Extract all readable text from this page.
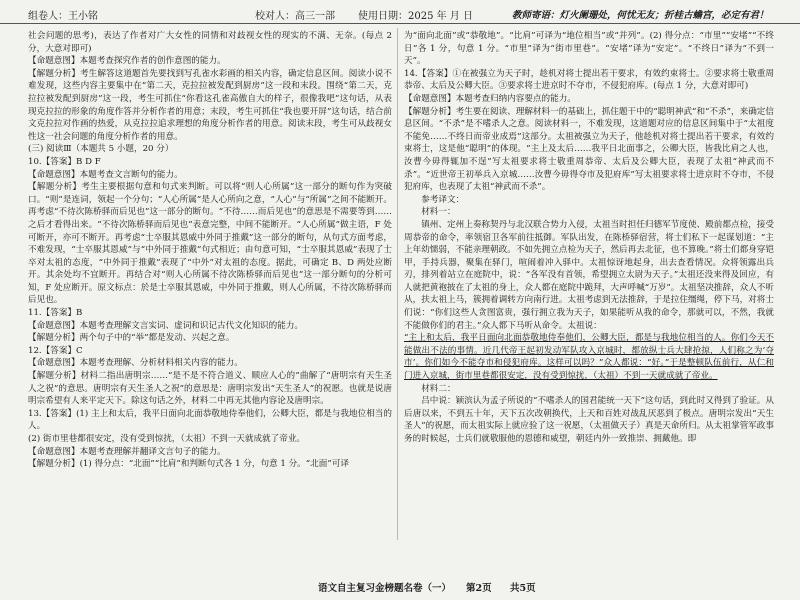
组卷人：王小铭	校对人：高三一部 使用日期：2025 年 月 日	教师寄语：灯火阑珊处，何忧无友；折桂古蟾宫，必定有君！

社会问题的思考)，表达了作者对广大女性的同情和对歧视女性的现实的不满、无奈。(每点 2 分，大意对即可)

【命题意图】本题考查探究作者的创作意图的能力。

【解题分析】考生解答这道题首先要找到写孔雀水彩画的相关内容，确定信息区间。阅读小说不难发现，这些内容主要集中在“第二天，克拉拉被发配到厨房”这一段和末段。围绕“第二天，克拉拉被发配到厨房”这一段，考生可抓住“你看这孔雀高傲自大的样子，很像我吧”这句话，从表现克拉拉的形象的角度作答并分析作者的用意；末段，考生可抓住“我也要开屏”这句话，结合前文克拉拉对作画的热爱，从克拉拉追求理想的角度分析作者的用意。阅读末段，考生可从歧视女性这一社会问题的角度分析作者的用意。

(三) 阅读Ⅲ（本题共 5 小题，20 分）

10.【答案】B D F

【命题意图】本题考查文言断句的能力。

【解题分析】考生主要根据句意和句式来判断。可以将“则人心所属”这一部分的断句作为突破口。“则”是连词，领起一个分句；“人心所属”是人心所向之意，“人心”与“所属”之间不能断开。再考虑“不待次陈桥驿而后见也”这一部分的断句。“不待……而后见也”的意思是不需要等到……之后才看得出来。“不待次陈桥驿而后见也”表意完整，中间不能断开。“人心所属”做主语，F 处可断开，亦可不断开。再考虑“士卒服其恩威中外同于推戴”这一部分的断句，从句式方面考虑，不难发现，“士卒服其恩威”与“中外同于推戴”句式相近；由句意可知，“士卒服其恩威”表现了士卒对太祖的态度，“中外同于推戴”表现了“中外”对太祖的态度。据此，可确定 B、D 两处应断开。其余处均不宜断开。再结合对“则人心所属不待次陈桥驿而后见也”这一部分断句的分析可知，F 处应断开。原文标点：於是士卒服其恩威，中外同于推戴，则人心所属，不待次陈桥驿而后见也。

11.【答案】B

【命题意图】本题考查理解文言实词、虚词和识记古代文化知识的能力。

【解题分析】两个句子中的“举”都是发动、兴起之意。

12.【答案】C

【命题意图】本题考查理解、分析材料相关内容的能力。

【解题分析】材料二指出唐明宗……“是不是不符合道义、顺应人心的”曲解了“唐明宗有天生圣人之祝”的意思。唐明宗有天生圣人之祝”的意思是：唐明宗发出“天生圣人”的祝愿。也就是说唐明宗希望有人来平定天下。除这句话之外，材料二中再无其他内容论及唐明宗。

13.【答案】(1) 主上和太后，我平日面向北面恭敬地侍奉他们，公卿大臣，都是与我地位相当的人。

(2) 街市里巷都很安定，没有受到惊扰，（太祖）不到一天就成就了帝业。

【命题意图】本题考查理解并翻译文言句子的能力。

【解题分析】(1) 得分点：“北面”“比肩”和判断句式各 1 分，句意 1 分。“北面”可译

为“面向北面”或“恭敬地”。“比肩”可译为“地位相当”或“并列”。(2) 得分点：“市里”“安堵”“不终日”各 1 分，句意 1 分。“市里”译为“街市里巷”。“安堵”译为“安定”。“不终日”译为“不到一天”。

14.【答案】①在被强立为天子时，趁机对将士提出若干要求，有效约束将士。②要求将士敬重周恭帝、太后及公卿大臣。③要求将士进京时不夺市，不侵犯府库。(每点 1 分，大意对即可)

【命题意图】本题考查归纳内容要点的能力。

【解题分析】考生要在阅读、理解材料一的基础上，抓住题干中的“聪明神武”和“不杀”，来确定信息区间。“不杀”是不嗜杀人之意。阅读材料一，不难发现，这道题对应的信息区间集中于“太祖度不能免……不终日而帝业成焉”这部分。太祖被强立为天子，他趁机对将士提出若干要求，有效约束将士，这是他“聪明”的体现。“主上及太后……我平日北面事之，公卿大臣，皆我比肩之人也，汝曹今毋得辄加不逞”写太祖要求将士敬重周恭帝、太后及公卿大臣，表现了太祖“神武而不杀”。“近世帝王初举兵入京城……汝曹今毋得夺市及犯府库”写太祖要求将士进京时不夺市，不侵犯府库，也表现了太祖“神武而不杀”。

参考译文：

材料一：

镇州、定州上奏称契丹与北汉联合势力入侵，太祖当时担任归德军节度使、殿前都点检，接受周恭帝的命令，率领宿卫各军前往抵御。军队出发，在陈桥驿宿营，将士们私下一起谋划道：“主上年幼懦弱，不能亲理朝政。不如先拥立点检为天子，然后再去北征，也不算晚。”将士们都身穿铠甲，手持兵器，聚集在驿门，喧闹着冲入驿中。太祖惊讶地起身，出去查看情况。众将领露出兵刃，排列着站立在庭院中，说：“各军没有首领，希望拥立太尉为天子。”太祖还没来得及回应，有人就把黄袍披在了太祖的身上，众人都在庭院中跪拜，大声呼喊“万岁”。太祖坚决推辞，众人不听从，扶太祖上马，簇拥着调转方向南行进。太祖考虑到无法推辞，于是拉住缰绳，停下马，对将士们说：“你们这些人贪图富贵，强行拥立我为天子，如果能听从我的命令，那就可以，不然，我就不能做你们的君主。”众人都下马听从命令。太祖说：

“主上和太后，我平日面向北面恭敬地侍奉他们，公卿大臣，都是与我地位相当的人。你们今天不能做出不法的事情。近几代帝王起初发动军队攻入京城时，都放纵士兵大肆抢掠，人们称之为‘夺市’。你们如今不能夺市和侵犯府库。这样可以吗？”众人都说：“好。”于是整顿队伍前行，从仁和门进入京城，街市里巷都很安定，没有受到惊扰，（太祖）不到一天就成就了帝业。

材料二：

吕中说：颖滨认为孟子所说的“不嗜杀人的国君能统一天下”这句话，到此时又得到了验证。从后唐以来，不到五十年，天下五次改朝换代，上天和百姓对战乱厌恶到了极点。唐明宗发出“天生圣人”的祝愿，而太祖实际上就应验了这一祝愿，（太祖做天子）真是天命所归。从太祖掌管军政事务的时候起，士兵们就敬服他的恩德和威望，朝廷内外一致推崇、拥戴他。即

语文自主复习金榜题名卷（一） 第2页 共5页
